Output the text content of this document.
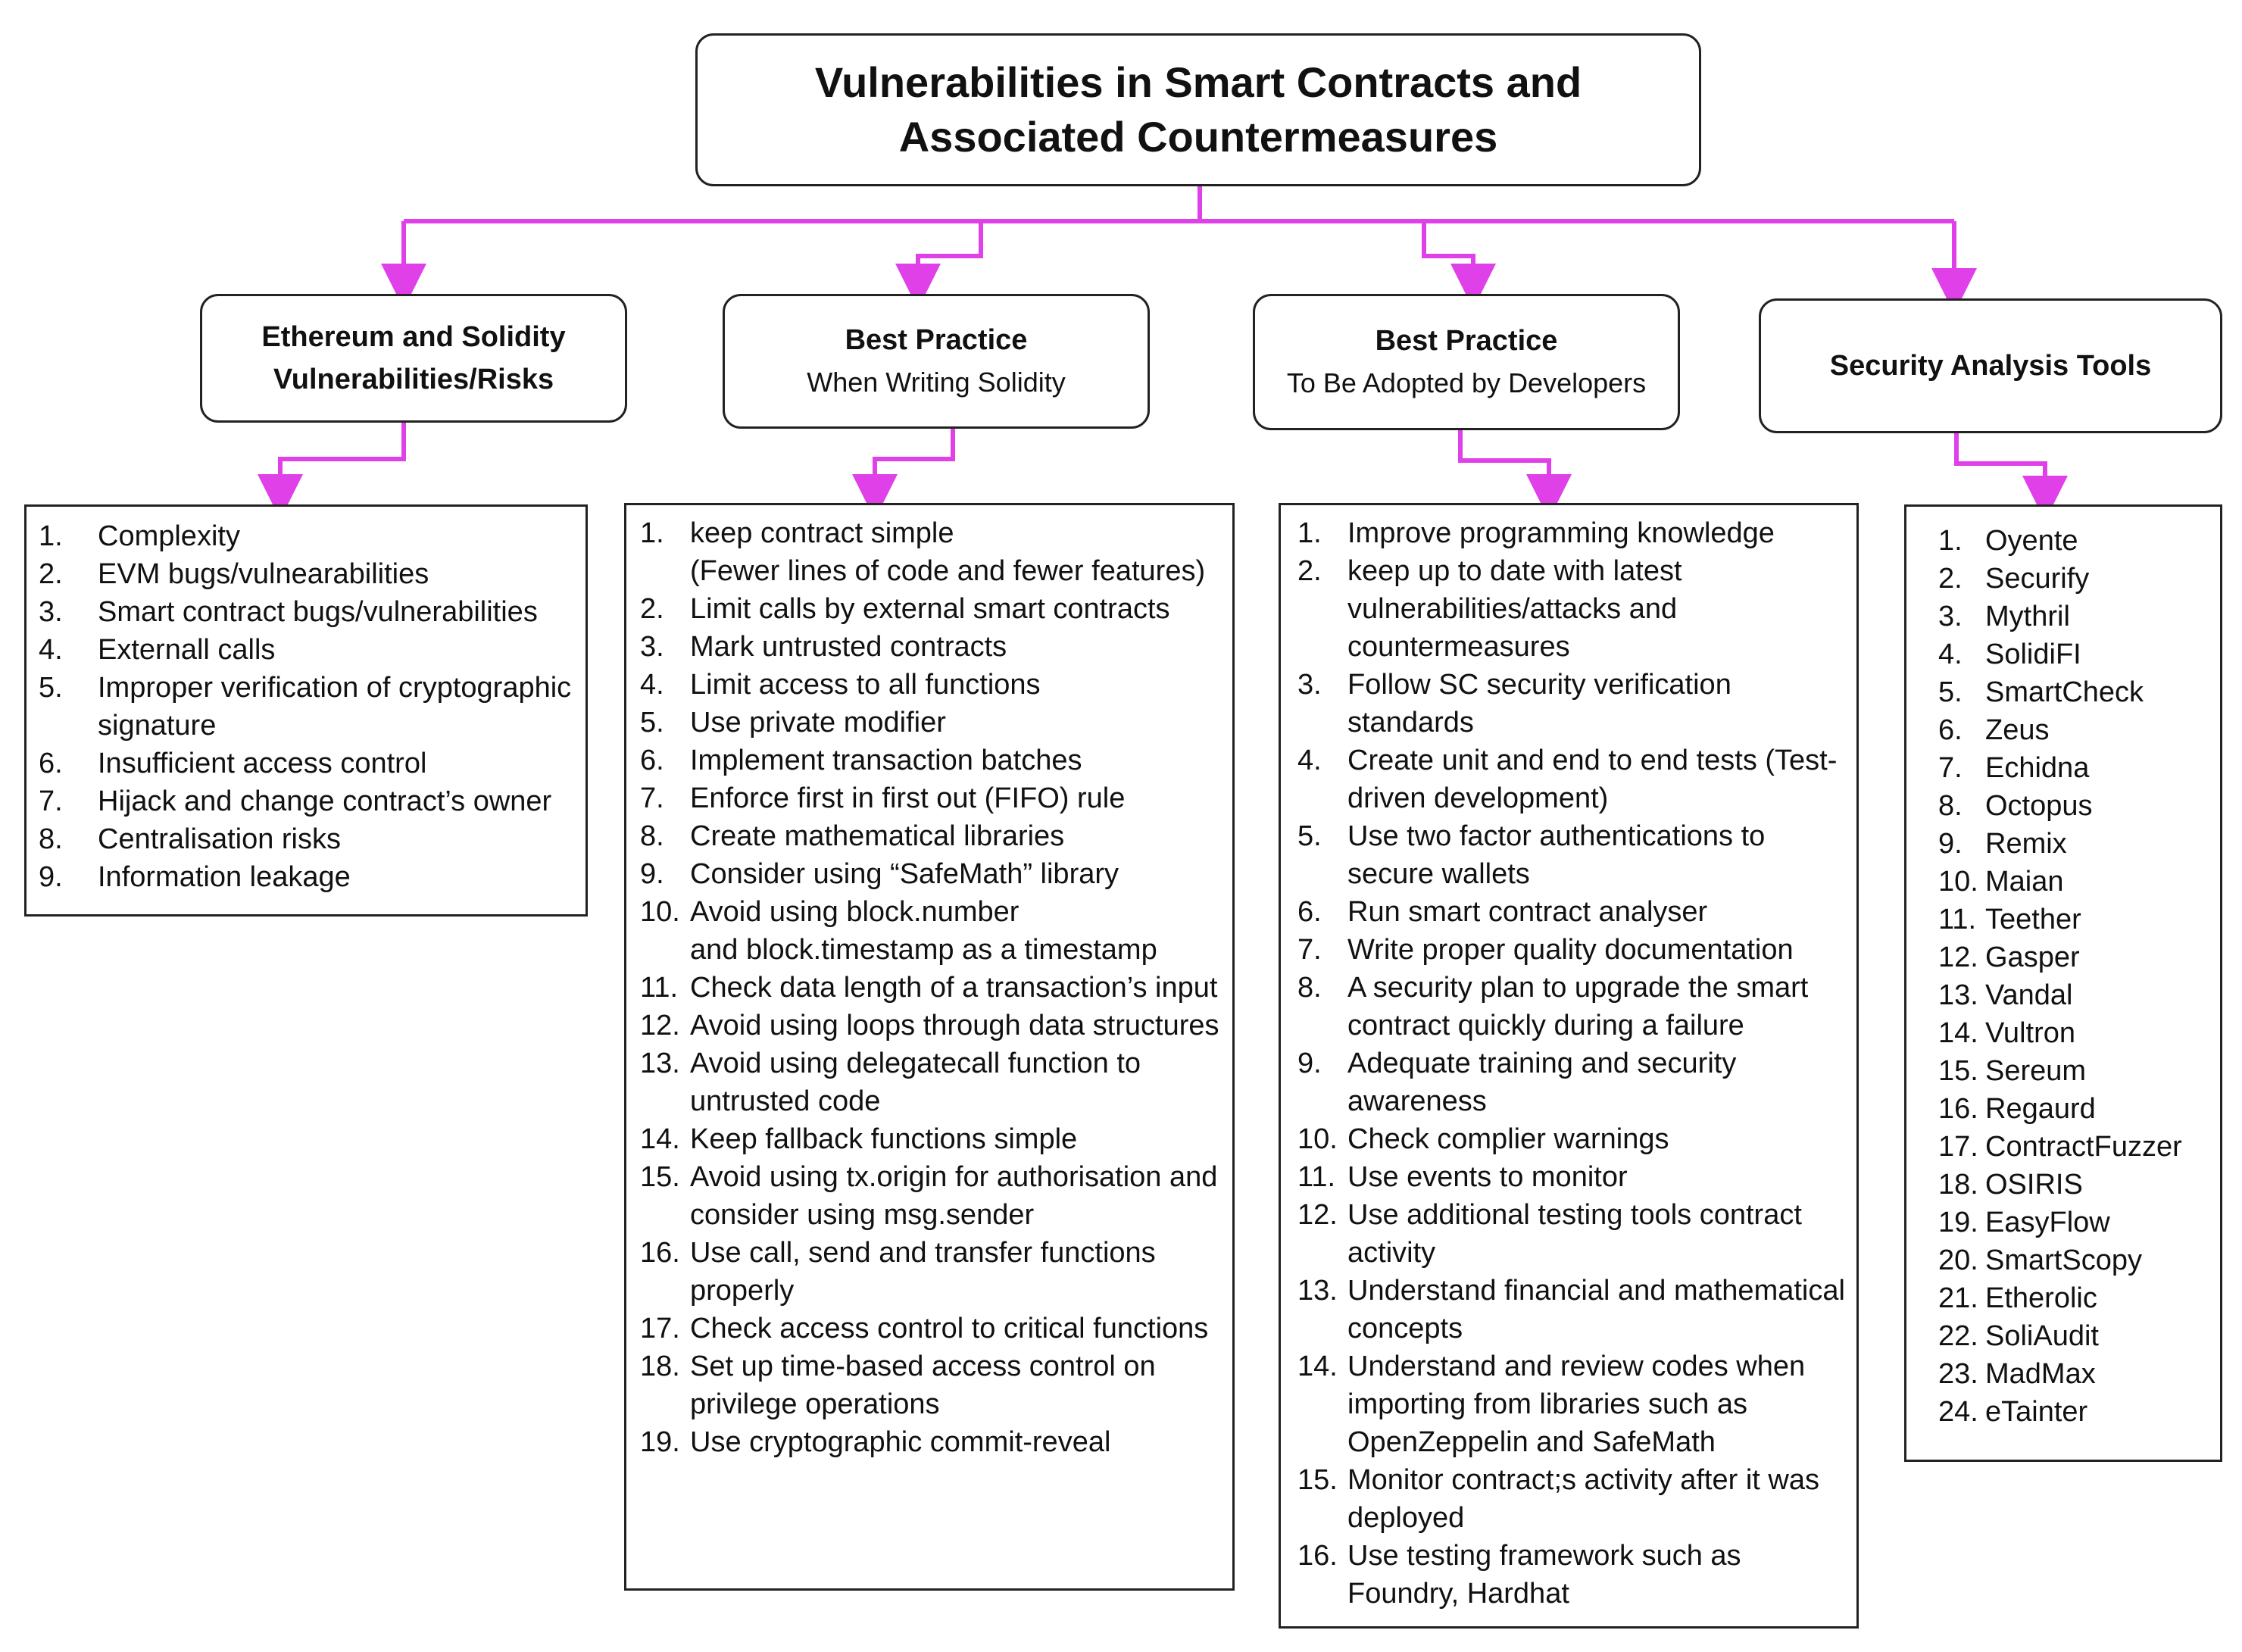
Vulnerabilities in Smart Contracts and
Associated Countermeasures
Ethereum and Solidity
Vulnerabilities/Risks
Best Practice
When Writing Solidity
Best Practice
To Be Adopted by Developers
Security Analysis Tools
1.	Complexity
2.	EVM bugs/vulnearabilities
3.	Smart contract bugs/vulnerabilities
4.	Externall calls
5.	Improper verification of cryptographic signature
6.	Insufficient access control
7.	Hijack and change contract’s owner
8.	Centralisation risks
9.	Information leakage
1. keep contract simple
(Fewer lines of code and fewer features)
2. Limit calls by external smart contracts
3. Mark untrusted contracts
4. Limit access to all functions
5. Use private modifier
6. Implement transaction batches
7. Enforce first in first out (FIFO) rule
8. Create mathematical libraries
9. Consider using “SafeMath” library
10. Avoid using block.number
and block.timestamp as a timestamp
11. Check data length of a transaction’s input
12. Avoid using loops through data structures
13. Avoid using delegatecall function to untrusted code
14. Keep fallback functions simple
15. Avoid using tx.origin for authorisation and consider using msg.sender
16. Use call, send and transfer functions properly
17. Check access control to critical functions
18. Set up time-based access control on privilege operations
19. Use cryptographic commit-reveal
1. Improve programming knowledge
2. keep up to date with latest vulnerabilities/attacks and countermeasures
3. Follow SC security verification standards
4. Create unit and end to end tests (Test-driven development)
5. Use two factor authentications to secure wallets
6. Run smart contract analyser
7. Write proper quality documentation
8. A security plan to upgrade the smart contract quickly during a failure
9. Adequate training and security awareness
10. Check complier warnings
11. Use events to monitor
12. Use additional testing tools contract activity
13. Understand financial and mathematical concepts
14. Understand and review codes when importing from libraries such as OpenZeppelin and SafeMath
15. Monitor contract;s activity after it was deployed
16. Use testing framework such as Foundry, Hardhat
1. Oyente
2. Securify
3. Mythril
4. SolidiFI
5. SmartCheck
6. Zeus
7. Echidna
8. Octopus
9. Remix
10. Maian
11. Teether
12. Gasper
13. Vandal
14. Vultron
15. Sereum
16. Regaurd
17. ContractFuzzer
18. OSIRIS
19. EasyFlow
20. SmartScopy
21. Etherolic
22. SoliAudit
23. MadMax
24. eTainter
